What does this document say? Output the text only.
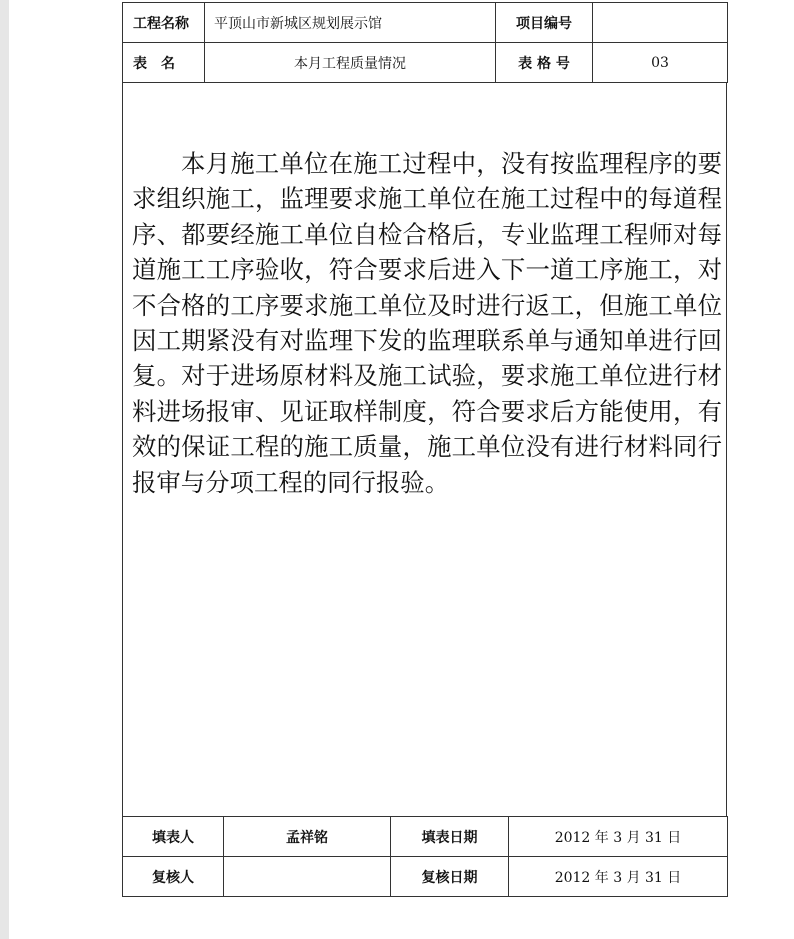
工程名称	平顶山市新城区规划展示馆	项目编号	
表　名	本月工程质量情况	表 格 号	03
本月施工单位在施工过程中，没有按监理程序的要求组织施工，监理要求施工单位在施工过程中的每道程序、都要经施工单位自检合格后，专业监理工程师对每道施工工序验收，符合要求后进入下一道工序施工，对不合格的工序要求施工单位及时进行返工，但施工单位因工期紧没有对监理下发的监理联系单与通知单进行回复。对于进场原材料及施工试验，要求施工单位进行材料进场报审、见证取样制度，符合要求后方能使用，有效的保证工程的施工质量，施工单位没有进行材料同行报审与分项工程的同行报验。
填表人	孟祥铭	填表日期	2012 年 3 月 31 日
复核人		复核日期	2012 年 3 月 31 日
